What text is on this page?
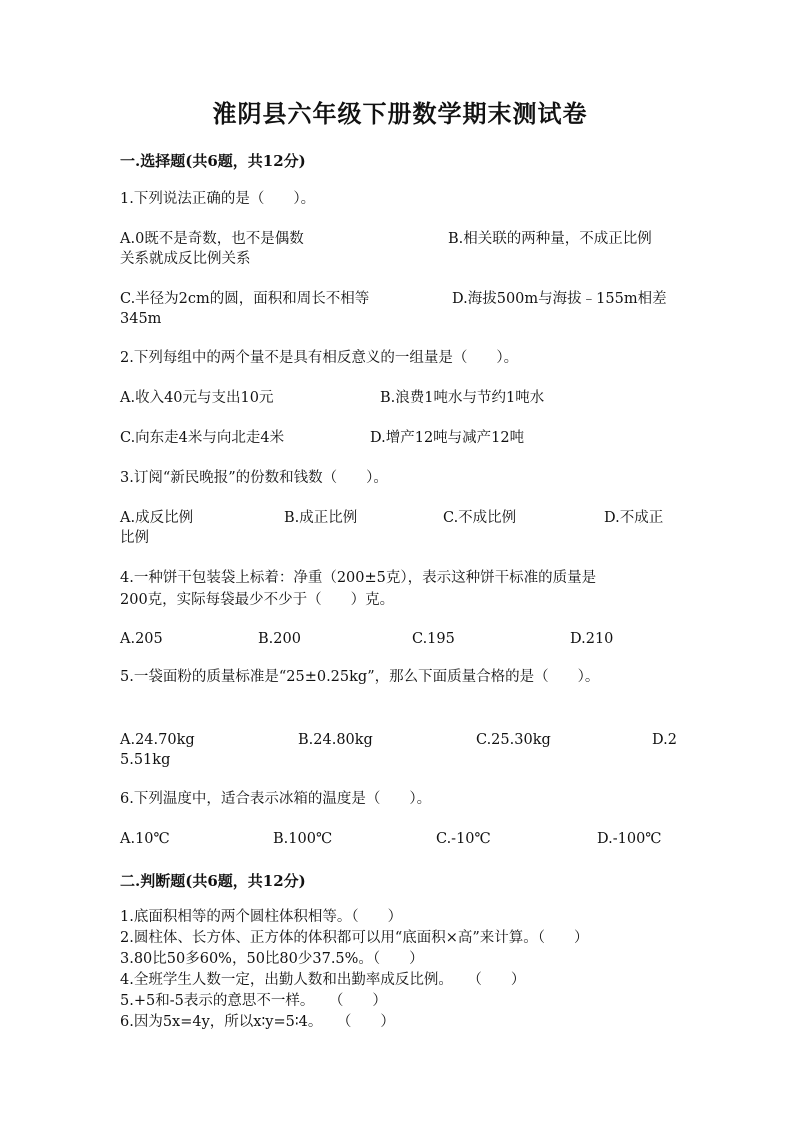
淮阴县六年级下册数学期末测试卷
一.选择题(共6题，共12分)
1.下列说法正确的是（　　）。
A.0既不是奇数，也不是偶数	B.相关联的两种量，不成正比例
关系就成反比例关系
C.半径为2cm的圆，面积和周长不相等	D.海拔500m与海拔﹣155m相差
345m
2.下列每组中的两个量不是具有相反意义的一组量是（　　）。
A.收入40元与支出10元	B.浪费1吨水与节约1吨水
C.向东走4米与向北走4米	D.增产12吨与减产12吨
3.订阅“新民晚报”的份数和钱数（　　）。
A.成反比例	B.成正比例	C.不成比例	D.不成正
比例
4.一种饼干包装袋上标着：净重（200±5克），表示这种饼干标准的质量是
200克，实际每袋最少不少于（　　）克。
A.205	B.200	C.195	D.210
5.一袋面粉的质量标准是“25±0.25kg”，那么下面质量合格的是（　　）。
A.24.70kg	B.24.80kg	C.25.30kg	D.2
5.51kg
6.下列温度中，适合表示冰箱的温度是（　　）。
A.10℃	B.100℃	C.-10℃	D.-100℃
二.判断题(共6题，共12分)
1.底面积相等的两个圆柱体积相等。（　　）
2.圆柱体、长方体、正方体的体积都可以用“底面积×高”来计算。（　　）
3.80比50多60%，50比80少37.5%。（　　）
4.全班学生人数一定，出勤人数和出勤率成反比例。　　（　　）
5.+5和-5表示的意思不一样。　　（　　）
6.因为5x=4y，所以x∶y=5∶4。　　（　　）
